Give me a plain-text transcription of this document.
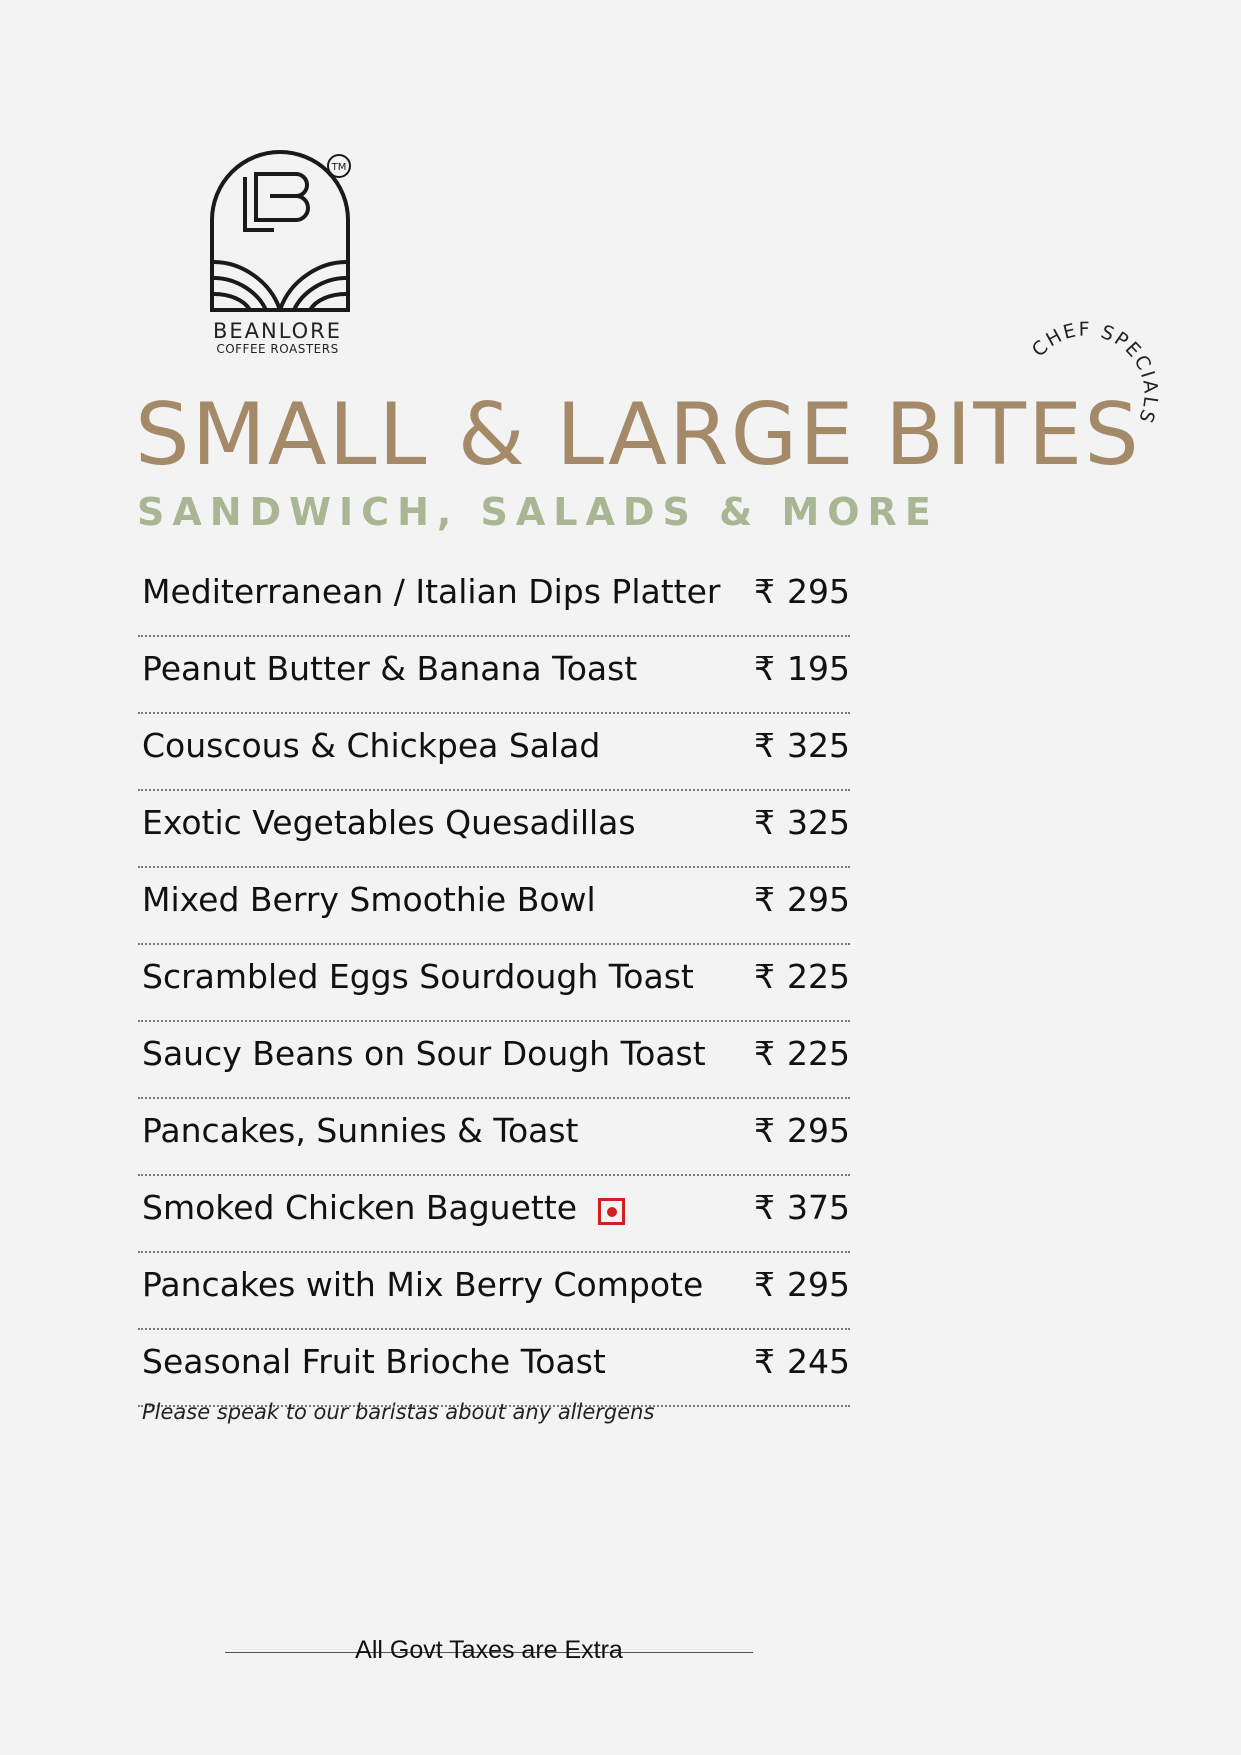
TM
BEANLORE
COFFEE ROASTERS	CHEF SPECIALS
SMALL & LARGE BITES
SANDWICH, SALADS & MORE
Mediterranean / Italian Dips Platter ₹ 295
Peanut Butter & Banana Toast	₹ 195
Couscous & Chickpea Salad	₹ 325
Exotic Vegetables Quesadillas	₹ 325
Mixed Berry Smoothie Bowl	₹ 295
Scrambled Eggs Sourdough Toast ₹ 225
Saucy Beans on Sour Dough Toast ₹ 225
Pancakes, Sunnies & Toast	₹ 295
Smoked Chicken Baguette	₹ 375
Pancakes with Mix Berry Compote ₹ 295
Seasonal Fruit Brioche Toast	₹ 245
Please speak to our baristas about any allergens
All Govt Taxes are Extra
